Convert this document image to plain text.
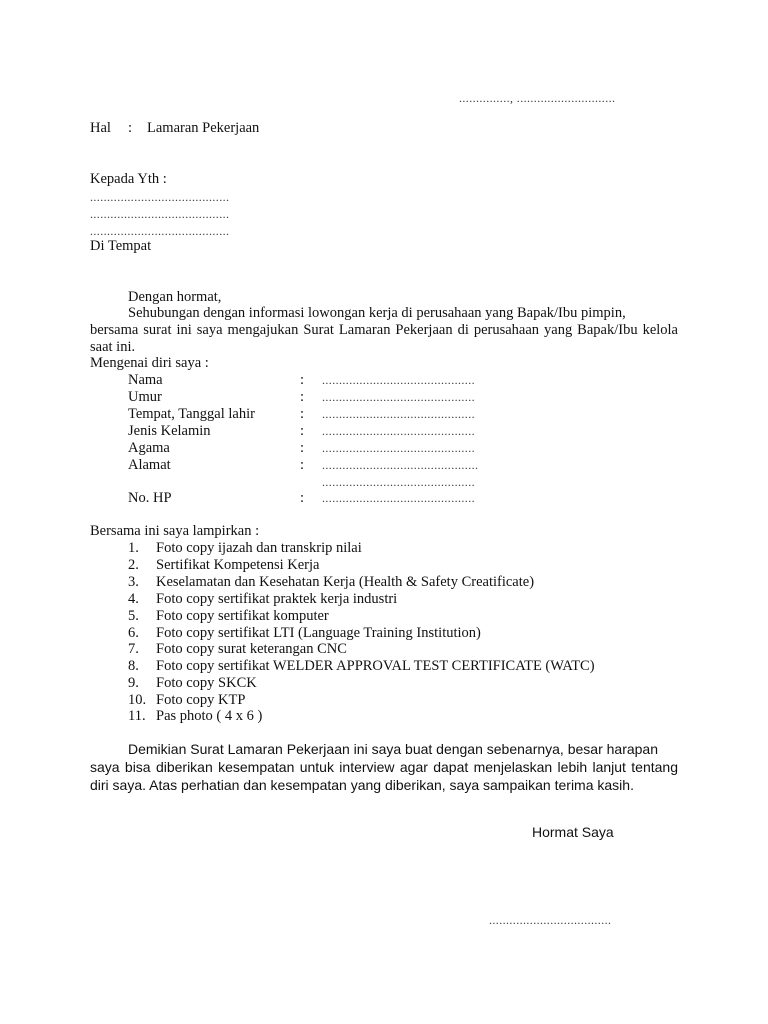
..............., .............................
Hal : Lamaran Pekerjaan
Kepada Yth :
.........................................
.........................................
.........................................
Di Tempat
Dengan hormat,
Sehubungan dengan informasi lowongan kerja di perusahaan yang Bapak/Ibu pimpin,
bersama surat ini saya mengajukan Surat Lamaran Pekerjaan di perusahaan yang Bapak/Ibu kelola saat ini.
Mengenai diri saya :
Nama	: .............................................
Umur	: .............................................
Tempat, Tanggal lahir	: .............................................
Jenis Kelamin	: .............................................
Agama	: .............................................
Alamat	: ..............................................
.............................................
No. HP	: .............................................
Bersama ini saya lampirkan :
1. Foto copy ijazah dan transkrip nilai
2. Sertifikat Kompetensi Kerja
3. Keselamatan dan Kesehatan Kerja (Health & Safety Creatificate)
4. Foto copy sertifikat praktek kerja industri
5. Foto copy sertifikat komputer
6. Foto copy sertifikat LTI (Language Training Institution)
7. Foto copy surat keterangan CNC
8. Foto copy sertifikat WELDER APPROVAL TEST CERTIFICATE (WATC)
9. Foto copy SKCK
10. Foto copy KTP
11. Pas photo ( 4 x 6 )
Demikian Surat Lamaran Pekerjaan ini saya buat dengan sebenarnya, besar harapan
saya bisa diberikan kesempatan untuk interview agar dapat menjelaskan lebih lanjut tentang diri saya. Atas perhatian dan kesempatan yang diberikan, saya sampaikan terima kasih.
Hormat Saya
....................................
